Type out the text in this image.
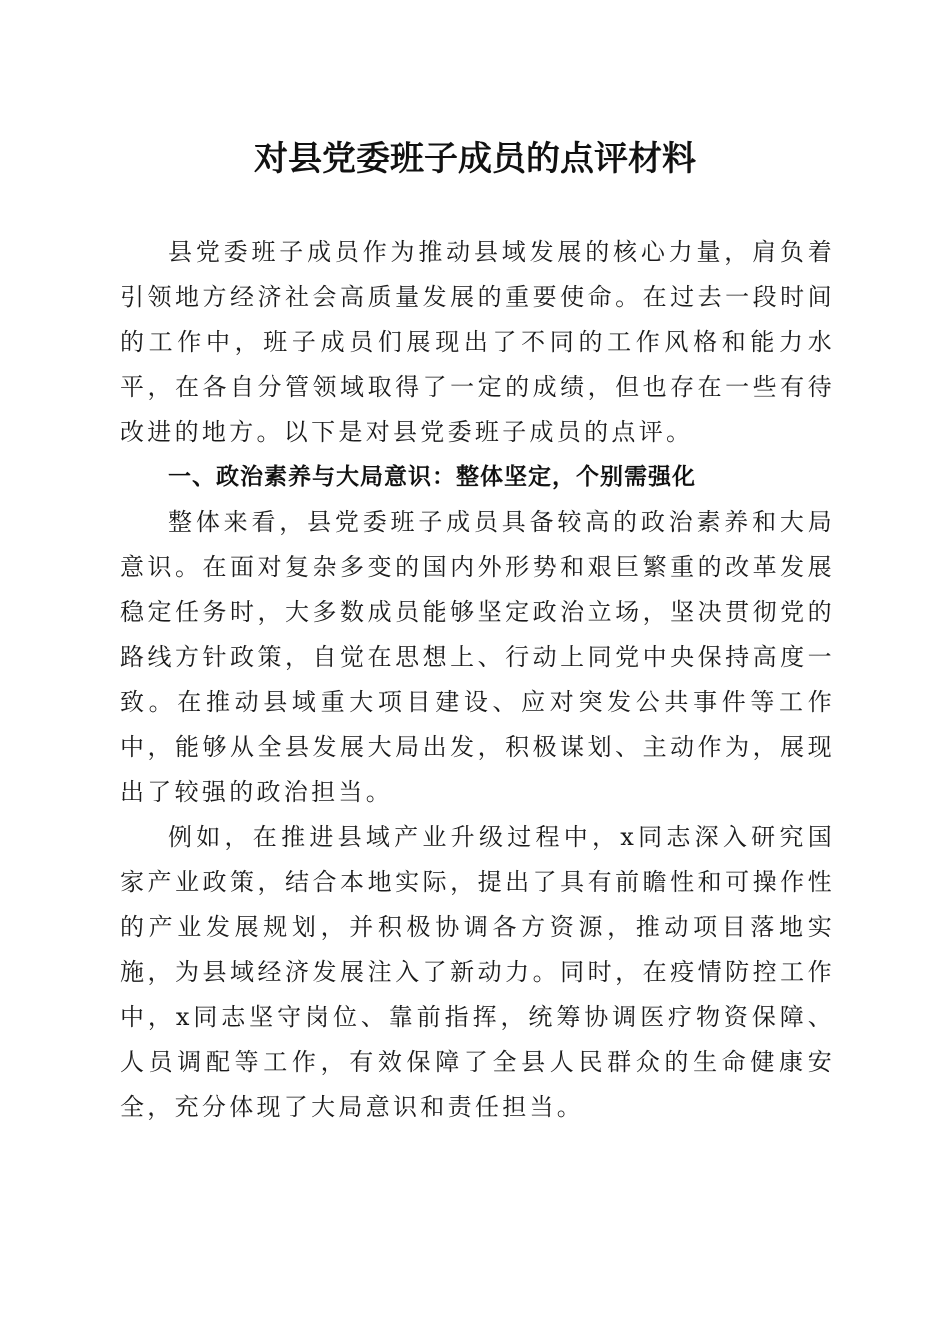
对县党委班子成员的点评材料

县党委班子成员作为推动县域发展的核心力量，肩负着引领地方经济社会高质量发展的重要使命。在过去一段时间的工作中，班子成员们展现出了不同的工作风格和能力水平，在各自分管领域取得了一定的成绩，但也存在一些有待改进的地方。以下是对县党委班子成员的点评。

一、政治素养与大局意识：整体坚定，个别需强化

整体来看，县党委班子成员具备较高的政治素养和大局意识。在面对复杂多变的国内外形势和艰巨繁重的改革发展稳定任务时，大多数成员能够坚定政治立场，坚决贯彻党的路线方针政策，自觉在思想上、行动上同党中央保持高度一致。在推动县域重大项目建设、应对突发公共事件等工作中，能够从全县发展大局出发，积极谋划、主动作为，展现出了较强的政治担当。

例如，在推进县域产业升级过程中，x同志深入研究国家产业政策，结合本地实际，提出了具有前瞻性和可操作性的产业发展规划，并积极协调各方资源，推动项目落地实施，为县域经济发展注入了新动力。同时，在疫情防控工作中，x同志坚守岗位、靠前指挥，统筹协调医疗物资保障、人员调配等工作，有效保障了全县人民群众的生命健康安全，充分体现了大局意识和责任担当。
